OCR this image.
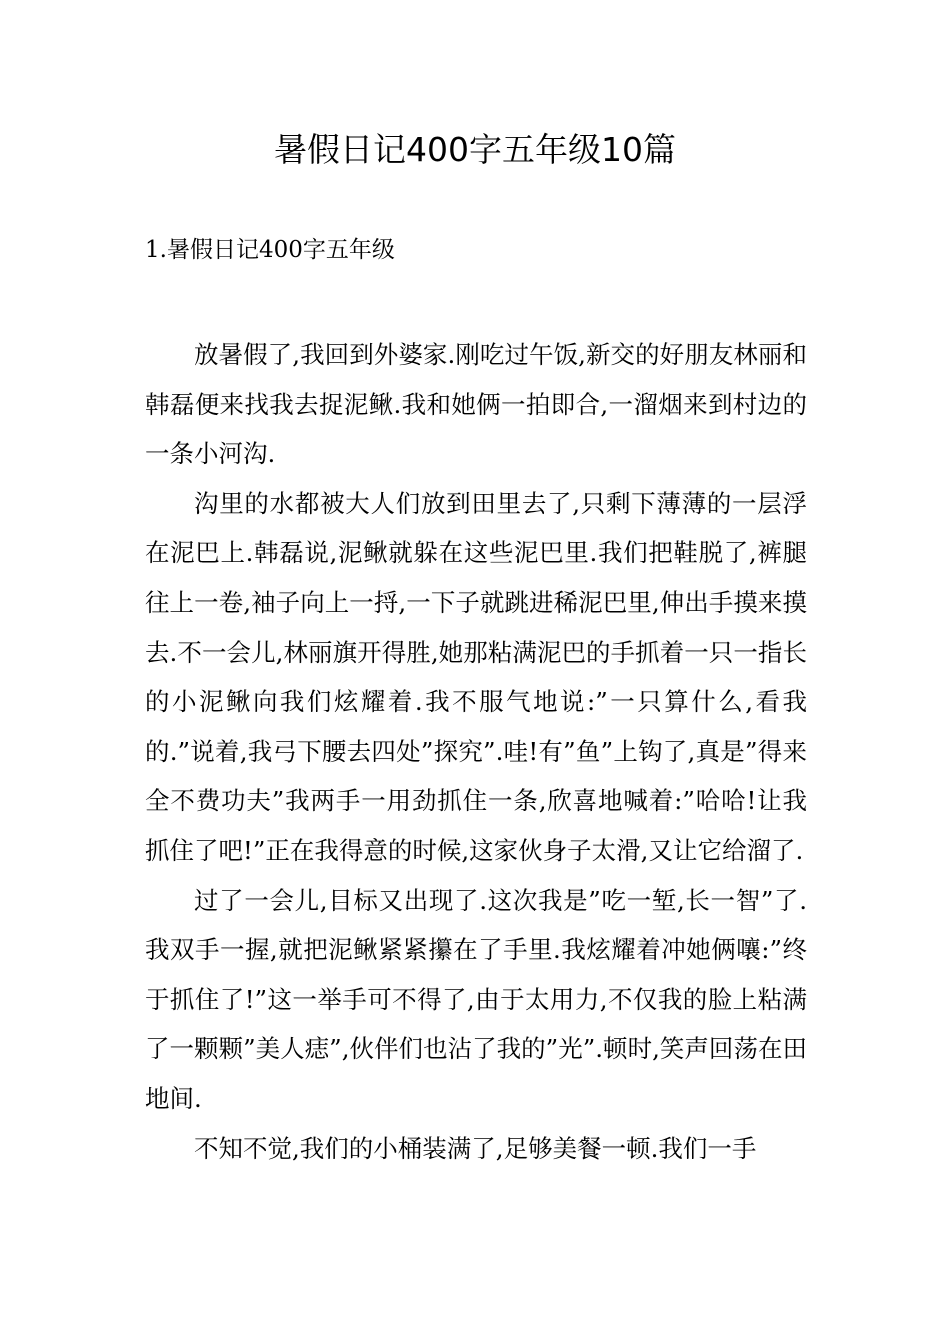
暑假日记400字五年级10篇
1.暑假日记400字五年级

放暑假了,我回到外婆家.刚吃过午饭,新交的好朋友林丽和韩磊便来找我去捉泥鳅.我和她俩一拍即合,一溜烟来到村边的一条小河沟.

沟里的水都被大人们放到田里去了,只剩下薄薄的一层浮在泥巴上.韩磊说,泥鳅就躲在这些泥巴里.我们把鞋脱了,裤腿往上一卷,袖子向上一捋,一下子就跳进稀泥巴里,伸出手摸来摸去.不一会儿,林丽旗开得胜,她那粘满泥巴的手抓着一只一指长的小泥鳅向我们炫耀着.我不服气地说:”一只算什么,看我的.”说着,我弓下腰去四处”探究”.哇!有”鱼”上钩了,真是”得来全不费功夫”我两手一用劲抓住一条,欣喜地喊着:”哈哈!让我抓住了吧!”正在我得意的时候,这家伙身子太滑,又让它给溜了.

过了一会儿,目标又出现了.这次我是”吃一堑,长一智”了.我双手一握,就把泥鳅紧紧攥在了手里.我炫耀着冲她俩嚷:”终于抓住了!”这一举手可不得了,由于太用力,不仅我的脸上粘满了一颗颗”美人痣”,伙伴们也沾了我的”光”.顿时,笑声回荡在田地间.

不知不觉,我们的小桶装满了,足够美餐一顿.我们一手
